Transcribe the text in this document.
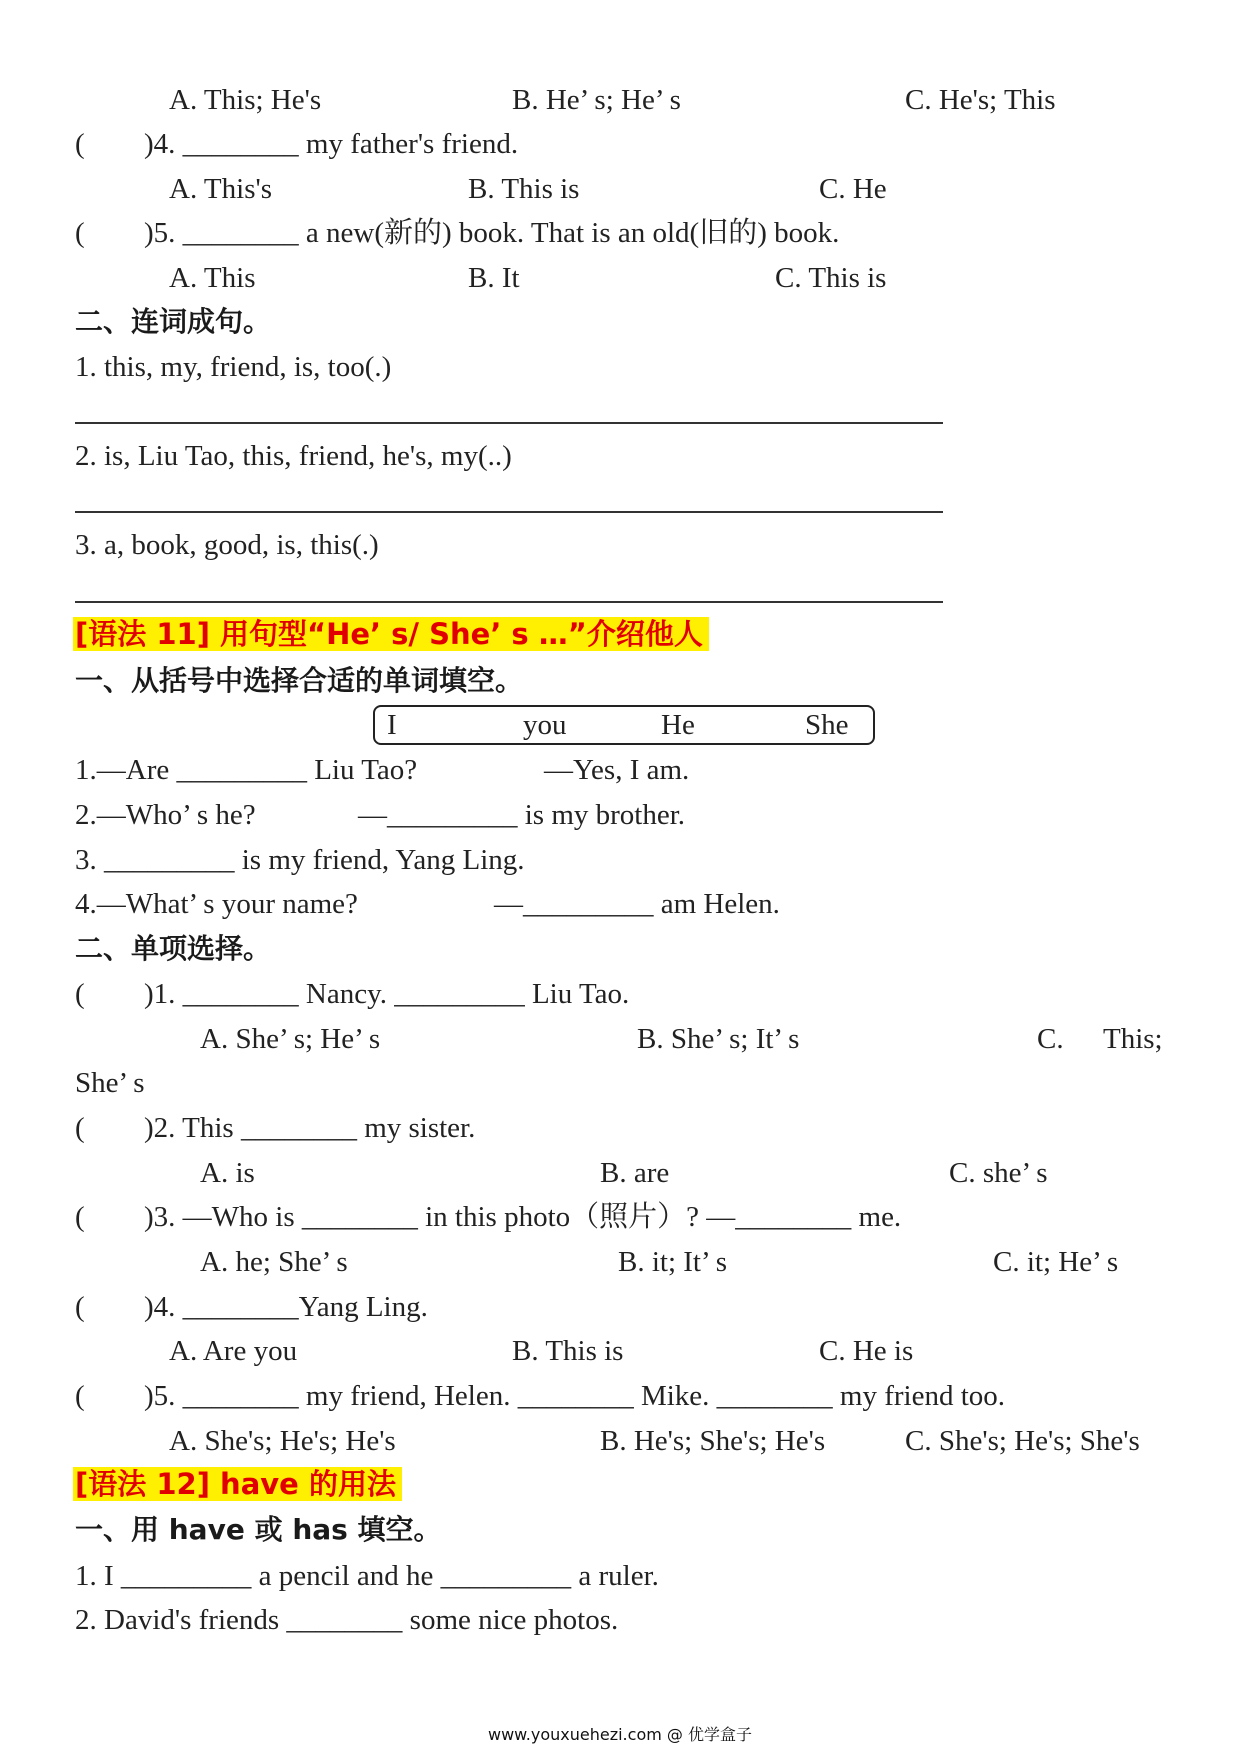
A. This; He's	B. He’ s; He’ s	C. He's; This
( )4. ________ my father's friend.
A. This's	B. This is	C. He
( )5. ________ a new(新的) book. That is an old(旧的) book.
A. This	B. It	C. This is
二、连词成句。
1. this, my, friend, is, too(.)
2. is, Liu Tao, this, friend, he's, my(..)
3. a, book, good, is, this(.)
[语法 11] 用句型“He’ s/ She’ s …”介绍他人
一、从括号中选择合适的单词填空。
I	you	He	She
1.—Are _________ Liu Tao?	—Yes, I am.
2.—Who’ s he?	—_________ is my brother.
3. _________ is my friend, Yang Ling.
4.—What’ s your name?	—_________ am Helen.
二、单项选择。
( )1. ________ Nancy. _________ Liu Tao.
A. She’ s; He’ s	B. She’ s; It’ s	C. This;
She’ s
( )2. This ________ my sister.
A. is	B. are	C. she’ s
( )3. —Who is ________ in this photo（照片）? —________ me.
A. he; She’ s	B. it; It’ s	C. it; He’ s
( )4. ________Yang Ling.
A. Are you	B. This is	C. He is
( )5. ________ my friend, Helen. ________ Mike. ________ my friend too.
A. She's; He's; He's	B. He's; She's; He's	C. She's; He's; She's
[语法 12] have 的用法
一、用 have 或 has 填空。
1. I _________ a pencil and he _________ a ruler.
2. David's friends ________ some nice photos.
www.youxuehezi.com @ 优学盒子
